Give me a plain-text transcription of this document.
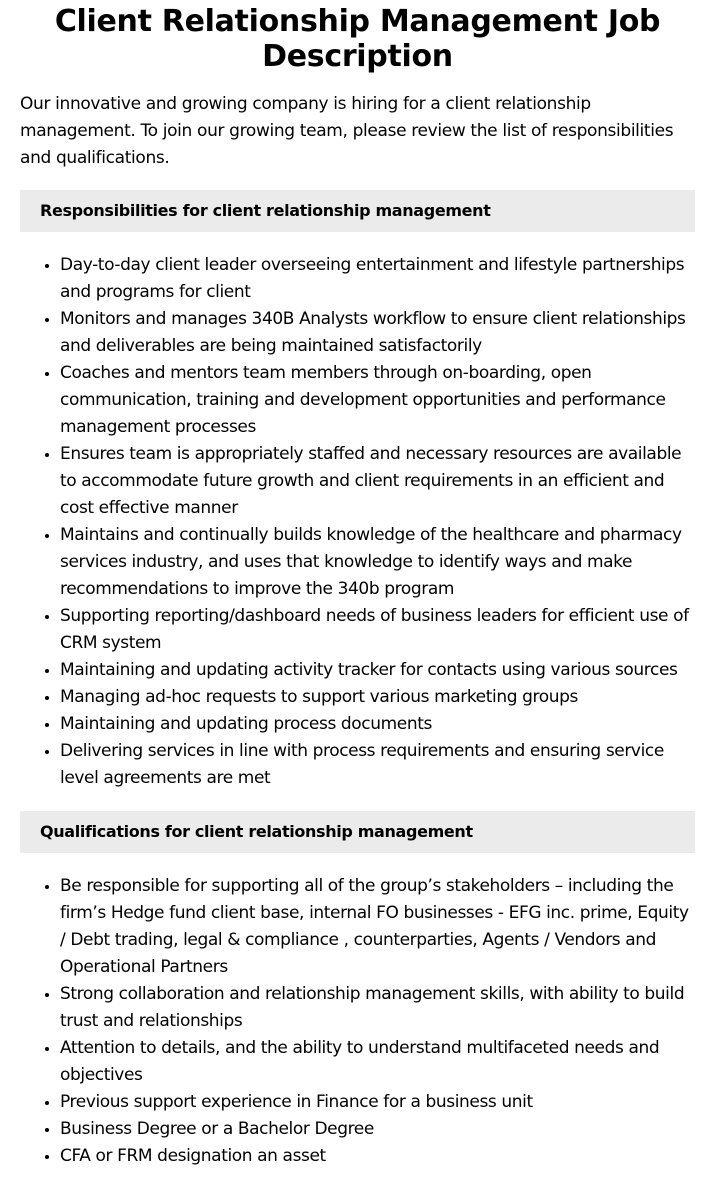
Client Relationship Management Job Description

Our innovative and growing company is hiring for a client relationship management. To join our growing team, please review the list of responsibilities and qualifications.

Responsibilities for client relationship management
• Day-to-day client leader overseeing entertainment and lifestyle partnerships and programs for client
• Monitors and manages 340B Analysts workflow to ensure client relationships and deliverables are being maintained satisfactorily
• Coaches and mentors team members through on-boarding, open communication, training and development opportunities and performance management processes
• Ensures team is appropriately staffed and necessary resources are available to accommodate future growth and client requirements in an efficient and cost effective manner
• Maintains and continually builds knowledge of the healthcare and pharmacy services industry, and uses that knowledge to identify ways and make recommendations to improve the 340b program
• Supporting reporting/dashboard needs of business leaders for efficient use of CRM system
• Maintaining and updating activity tracker for contacts using various sources
• Managing ad-hoc requests to support various marketing groups
• Maintaining and updating process documents
• Delivering services in line with process requirements and ensuring service level agreements are met
Qualifications for client relationship management
• Be responsible for supporting all of the group’s stakeholders – including the firm’s Hedge fund client base, internal FO businesses - EFG inc. prime, Equity / Debt trading, legal & compliance , counterparties, Agents / Vendors and Operational Partners
• Strong collaboration and relationship management skills, with ability to build trust and relationships
• Attention to details, and the ability to understand multifaceted needs and objectives
• Previous support experience in Finance for a business unit
• Business Degree or a Bachelor Degree
• CFA or FRM designation an asset
